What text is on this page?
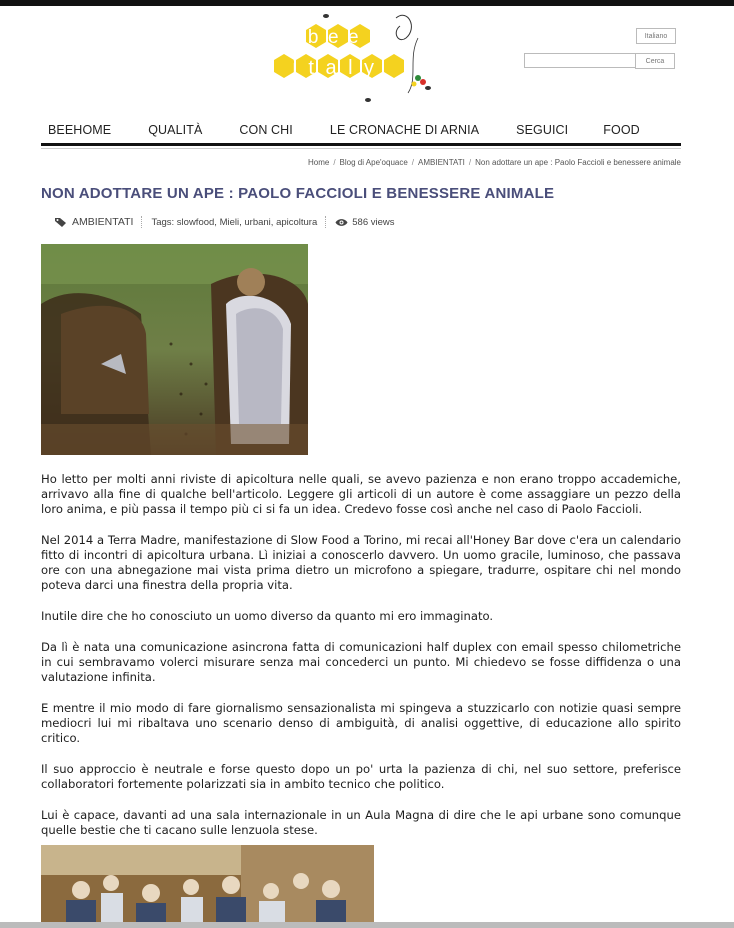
bee
italy
Italiano
Cerca
BEEHOME	QUALITÀ	CON CHI	LE CRONACHE DI ARNIA	SEGUICI	FOOD
Home / Blog di Ape'oquace / AMBIENTATI / Non adottare un ape : Paolo Faccioli e benessere animale
NON ADOTTARE UN APE : PAOLO FACCIOLI E BENESSERE ANIMALE
AMBIENTATI Tags: slowfood, Mieli, urbani, apicoltura	586 views

Ho letto per molti anni riviste di apicoltura nelle quali, se avevo pazienza e non erano troppo accademiche, arrivavo alla fine di qualche bell'articolo. Leggere gli articoli di un autore è come assaggiare un pezzo della loro anima, e più passa il tempo più ci si fa un idea. Credevo fosse così anche nel caso di Paolo Faccioli.

Nel 2014 a Terra Madre, manifestazione di Slow Food a Torino, mi recai all'Honey Bar dove c'era un calendario fitto di incontri di apicoltura urbana. Lì iniziai a conoscerlo davvero. Un uomo gracile, luminoso, che passava ore con una abnegazione mai vista prima dietro un microfono a spiegare, tradurre, ospitare chi nel mondo poteva darci una finestra della propria vita.

Inutile dire che ho conosciuto un uomo diverso da quanto mi ero immaginato.

Da lì è nata una comunicazione asincrona fatta di comunicazioni half duplex con email spesso chilometriche in cui sembravamo volerci misurare senza mai concederci un punto. Mi chiedevo se fosse diffidenza o una valutazione infinita.

E mentre il mio modo di fare giornalismo sensazionalista mi spingeva a stuzzicarlo con notizie quasi sempre mediocri lui mi ribaltava uno scenario denso di ambiguità, di analisi oggettive, di educazione allo spirito critico.

Il suo approccio è neutrale e forse questo dopo un po' urta la pazienza di chi, nel suo settore, preferisce collaboratori fortemente polarizzati sia in ambito tecnico che politico.

Lui è capace, davanti ad una sala internazionale in un Aula Magna di dire che le api urbane sono comunque quelle bestie che ti cacano sulle lenzuola stese.
